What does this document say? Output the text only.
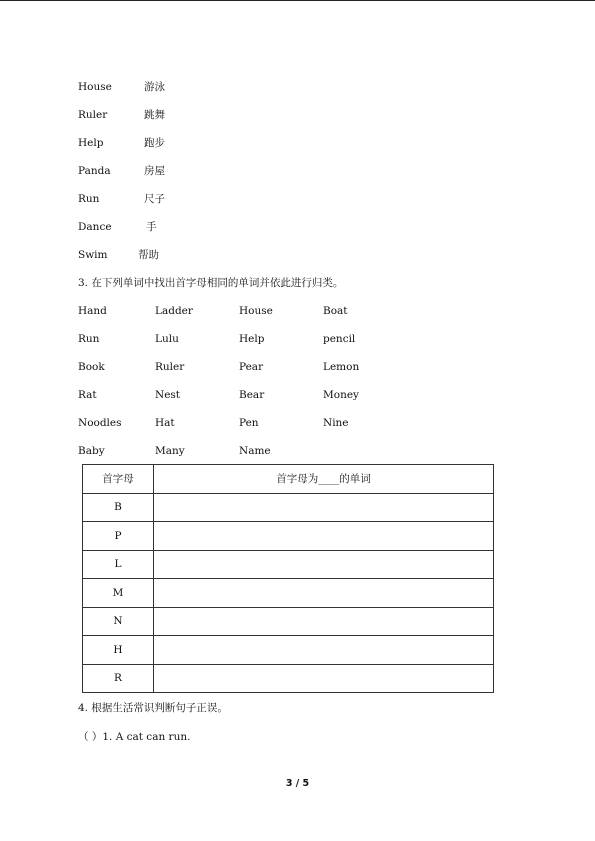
House	游泳
Ruler	跳舞
Help	跑步
Panda	房屋
Run	尺子
Dance	手
Swim	帮助
3. 在下列单词中找出首字母相同的单词并依此进行归类。
Hand	Ladder	House	Boat
Run	Lulu	Help	pencil
Book	Ruler	Pear	Lemon
Rat	Nest	Bear	Money
Noodles	Hat	Pen	Nine
Baby	Many	Name
首字母	首字母为____的单词
B	
P	
L	
M	
N	
H	
R	
4. 根据生活常识判断句子正误。
（ ）1. A cat can run.
3 / 5
